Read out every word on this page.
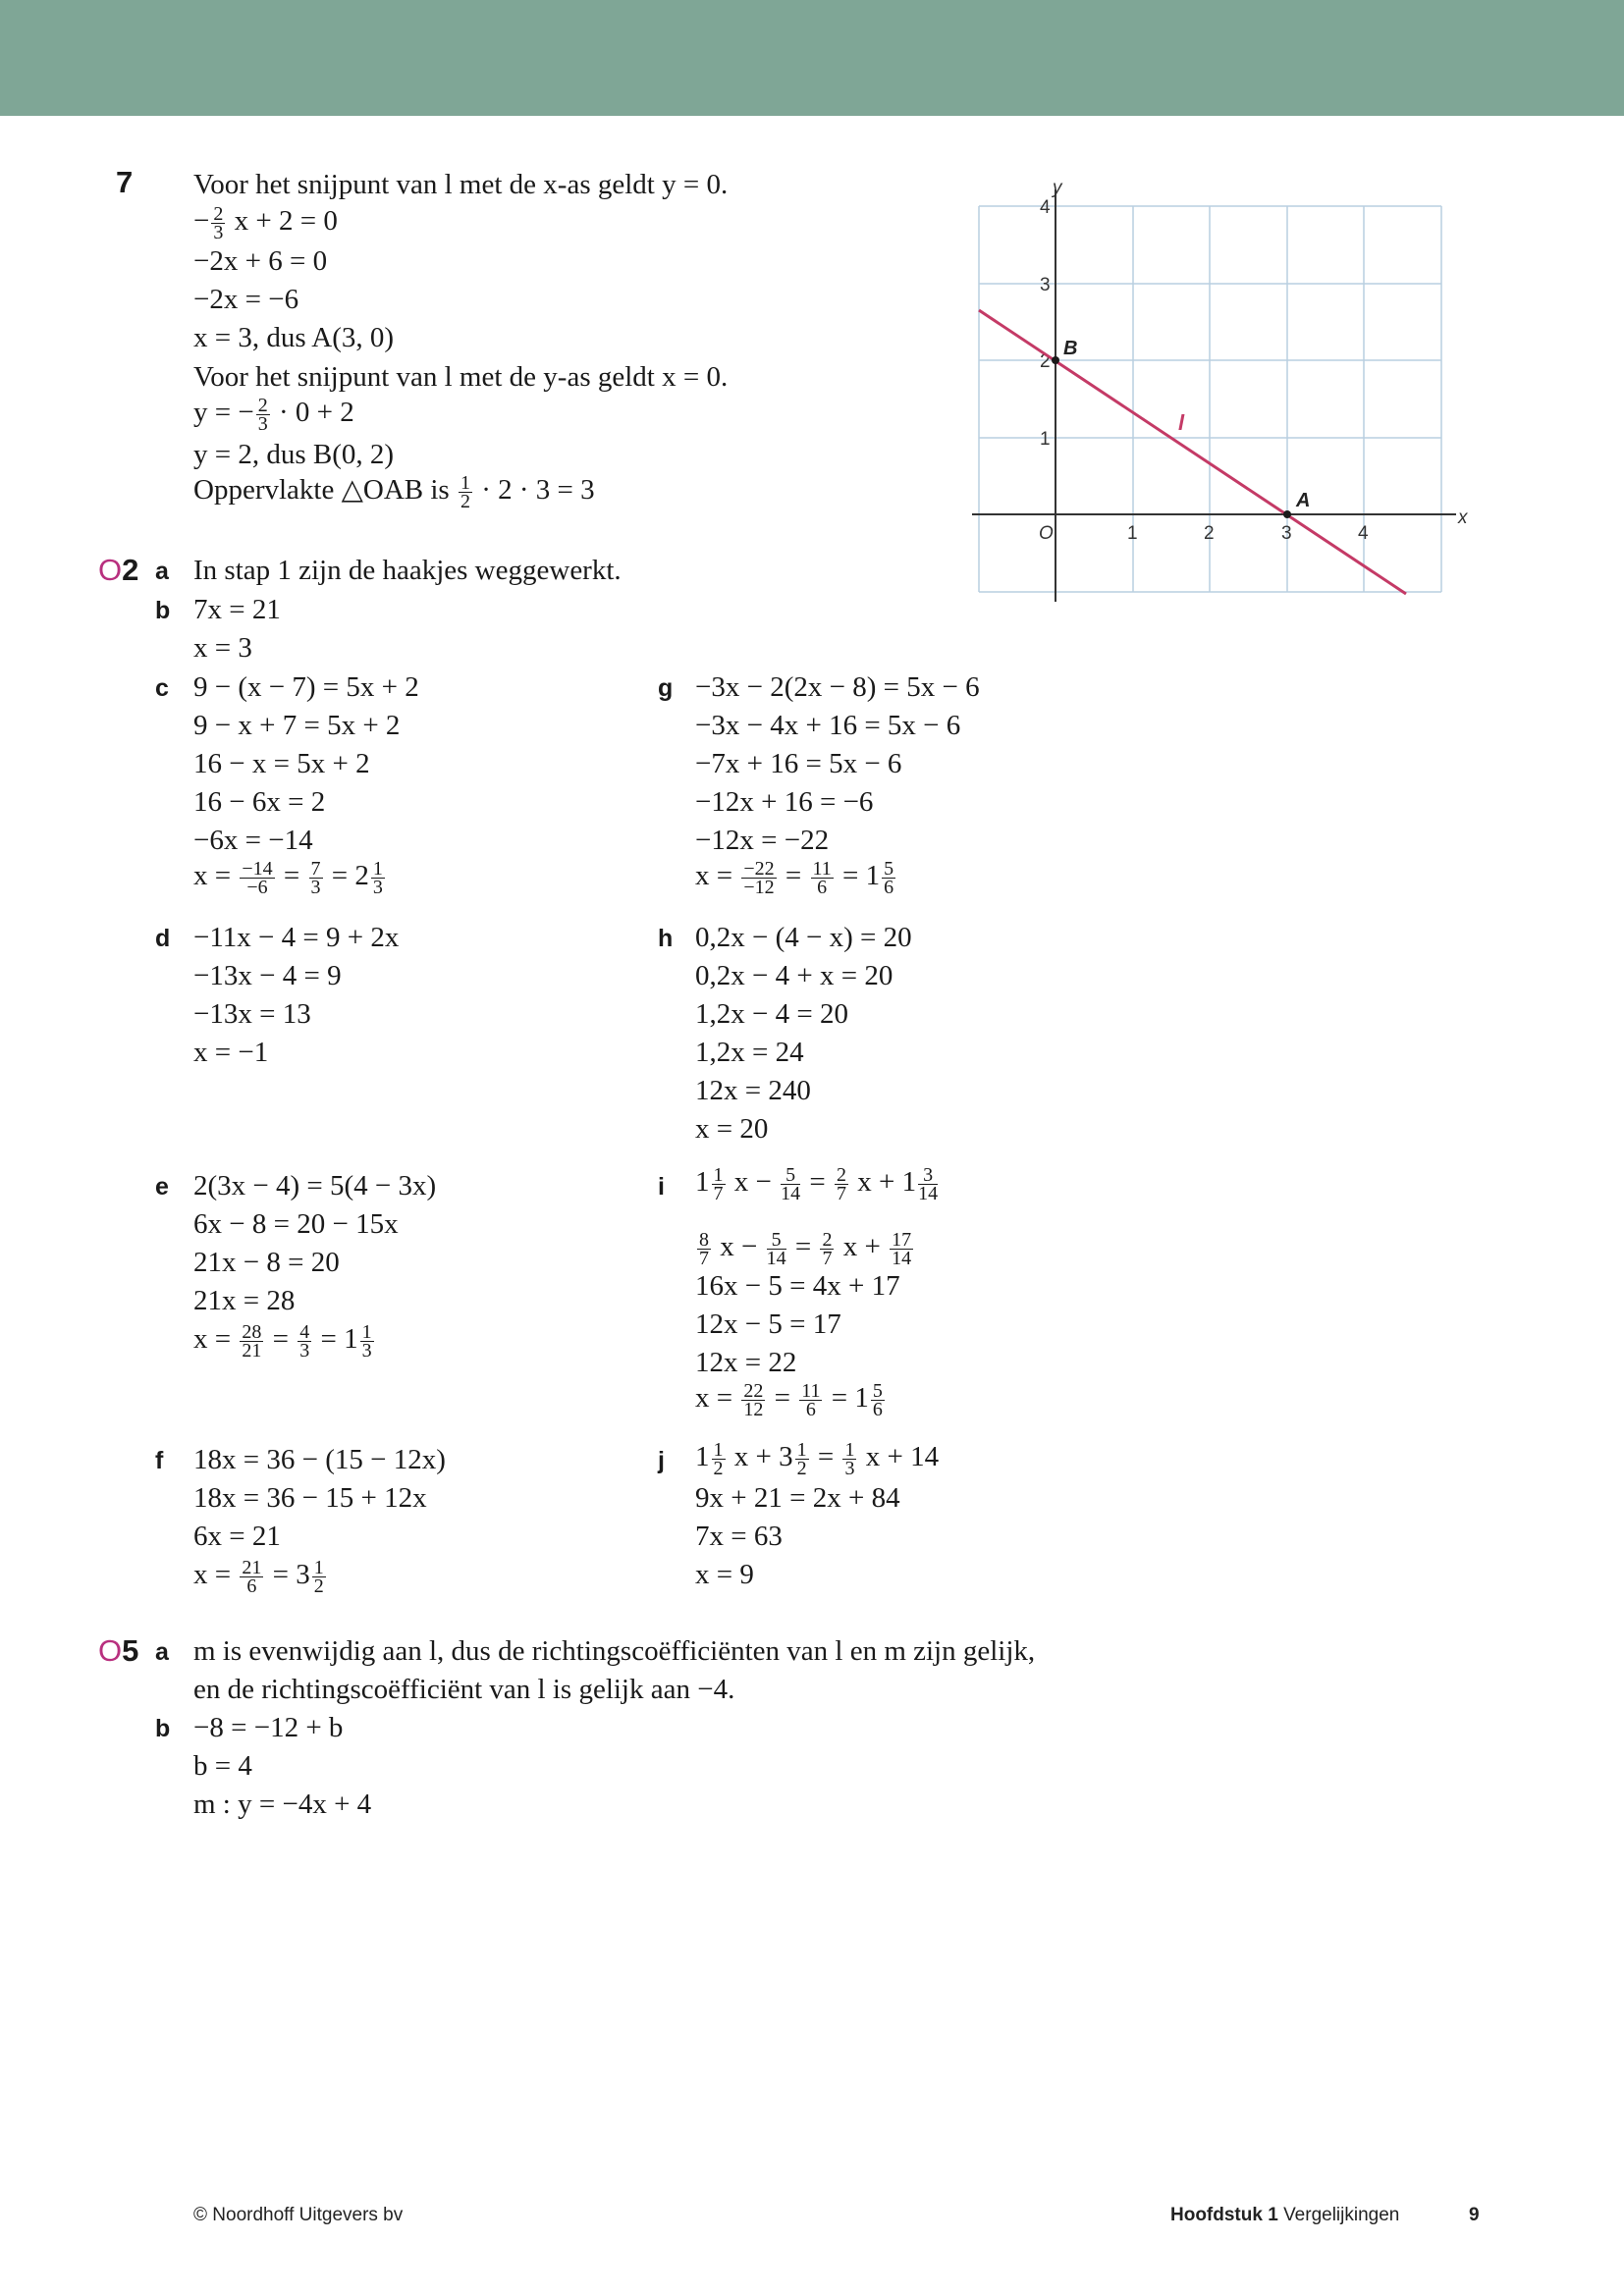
7 Voor het snijpunt van l met de x-as geldt y = 0.
− $\frac{2}{3}$ x + 2 = 0
−2x + 6 = 0
−2x = −6
x = 3, dus A(3, 0)
Voor het snijpunt van l met de y-as geldt x = 0.
y = − $\frac{2}{3} \cdot 0 + 2$
y = 2, dus B(0, 2)
Oppervlakte △OAB is $\frac{1}{2} \cdot 2 \cdot 3 = 3$
y
x
O	1	2	3	4
1
2
3
4
B
A
l
O2 a In stap 1 zijn de haakjes weggewerkt.
b 7x = 21
x = 3
c 9 − (x − 7) = 5x + 2
9 − x + 7 = 5x + 2
16 − x = 5x + 2
16 − 6x = 2
−6x = −14
$x = \frac{-14}{-6} = \frac{7}{3} = 2 \frac{1}{3}$
d −11x − 4 = 9 + 2x
−13x − 4 = 9
−13x = 13
x = −1
e 2(3x − 4) = 5(4 − 3x)
6x − 8 = 20 − 15x
21x − 8 = 20
21x = 28
$x = \frac{28}{21} = \frac{4}{3} = 1 \frac{1}{3}$
f 18x = 36 − (15 − 12x)
18x = 36 − 15 + 12x
6x = 21
$x = \frac{21}{6} = 3 \frac{1}{2}$
g −3x − 2(2x − 8) = 5x − 6
−3x − 4x + 16 = 5x − 6
−7x + 16 = 5x − 6
−12x + 16 = −6
−12x = −22
$x = \frac{-22}{-12} = \frac{11}{6} = 1 \frac{5}{6}$
h 0,2x − (4 − x) = 20
0,2x − 4 + x = 20
1,2x − 4 = 20
1,2x = 24
12x = 240
x = 20
i $1 \frac{1}{7}$ $x - \frac{5}{14} = \frac{2}{7}$ $x + 1 \frac{3}{14}$
$\frac{8}{7}$ $x - \frac{5}{14} = \frac{2}{7}$ $x + \frac{17}{14}$
16x − 5 = 4x + 17
12x − 5 = 17
12x = 22
$x = \frac{22}{12} = \frac{11}{6} = 1 \frac{5}{6}$
j $1 \frac{1}{2}$ $x + 3 \frac{1}{2} = \frac{1}{3}$ x + 14
9x + 21 = 2x + 84
7x = 63
x = 9
O5 a m is evenwijdig aan l, dus de richtingscoëfficiënten van l en m zijn gelijk,
en de richtingscoëfficiënt van l is gelijk aan −4.
b −8 = −12 + b
b = 4
m : y = −4x + 4
© Noordhoff Uitgevers bv	Hoofdstuk 1 Vergelijkingen	9
